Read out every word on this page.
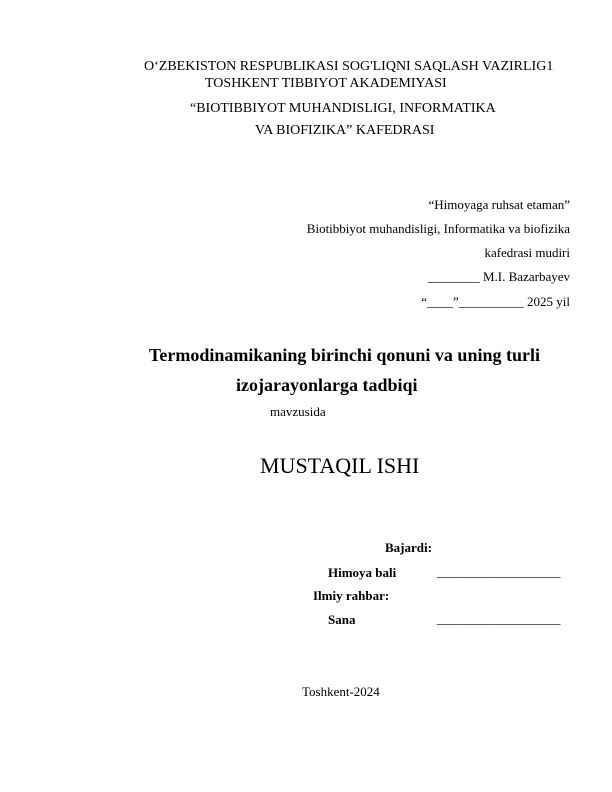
O‘ZBEKISTON RESPUBLIKASI SOG'LIQNI SAQLASH VAZIRLIG1
TOSHKENT TIBBIYOT AKADEMIYASI
“BIOTIBBIYOT MUHANDISLIGI, INFORMATIKA
VA BIOFIZIKA” KAFEDRASI
“Himoyaga ruhsat etaman”
Biotibbiyot muhandisligi, Informatika va biofizika
kafedrasi mudiri
________ M.I. Bazarbayev
“____”__________ 2025 yil
Termodinamikaning birinchi qonuni va uning turli
izojarayonlarga tadbiqi
mavzusida
MUSTAQIL ISHI
Bajardi:
Himoya bali	___________________
Ilmiy rahbar:
Sana	___________________
Toshkent-2024
